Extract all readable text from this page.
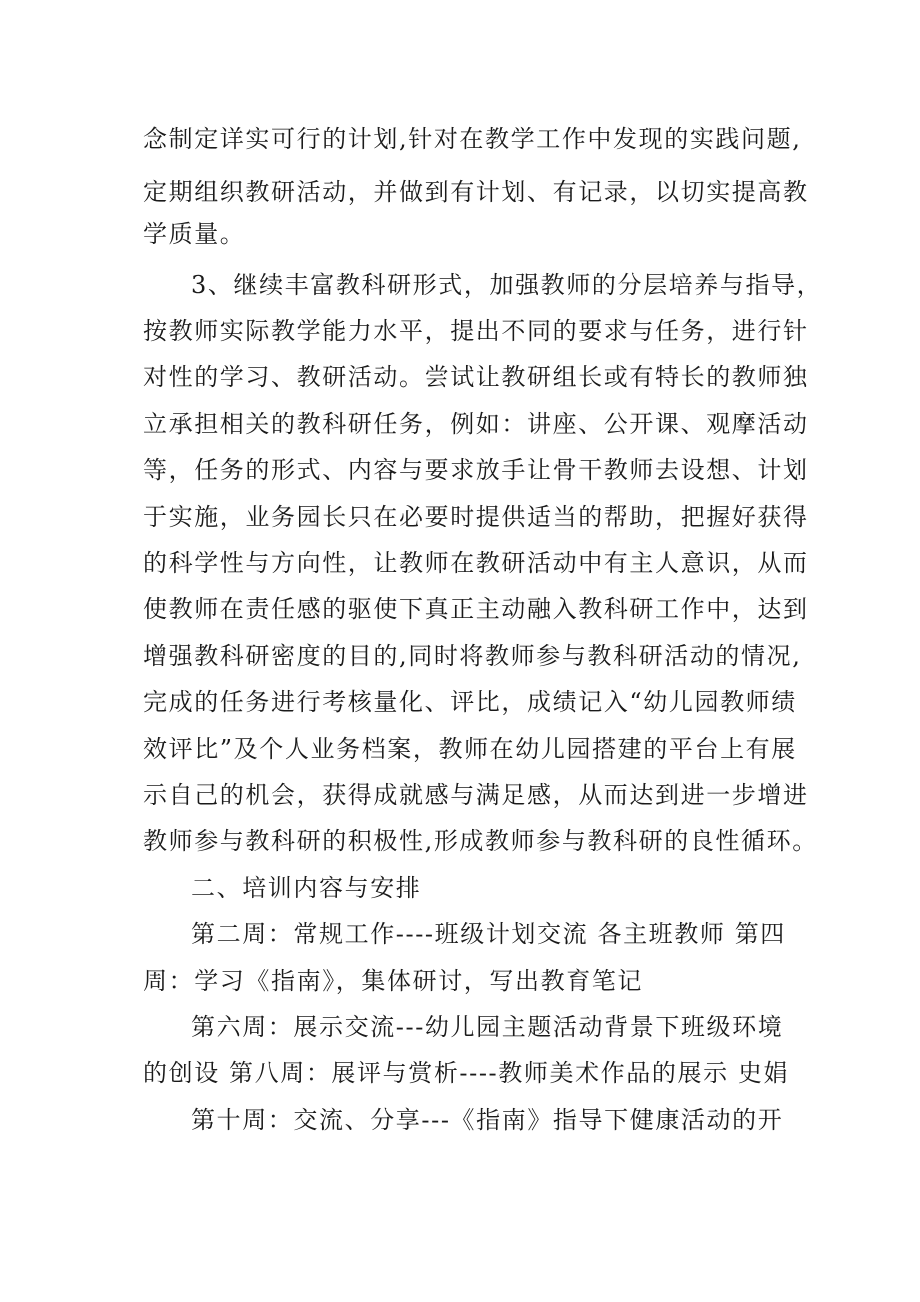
念制定详实可行的计划,针对在教学工作中发现的实践问题,
定期组织教研活动，并做到有计划、有记录，以切实提高教
学质量。
3、继续丰富教科研形式，加强教师的分层培养与指导，
按教师实际教学能力水平，提出不同的要求与任务，进行针
对性的学习、教研活动。尝试让教研组长或有特长的教师独
立承担相关的教科研任务，例如：讲座、公开课、观摩活动
等，任务的形式、内容与要求放手让骨干教师去设想、计划
于实施，业务园长只在必要时提供适当的帮助，把握好获得
的科学性与方向性，让教师在教研活动中有主人意识，从而
使教师在责任感的驱使下真正主动融入教科研工作中，达到
增强教科研密度的目的,同时将教师参与教科研活动的情况,
完成的任务进行考核量化、评比，成绩记入“幼儿园教师绩
效评比”及个人业务档案，教师在幼儿园搭建的平台上有展
示自己的机会，获得成就感与满足感，从而达到进一步增进
教师参与教科研的积极性,形成教师参与教科研的良性循环。
二、培训内容与安排
第二周：常规工作----班级计划交流 各主班教师 第四
周：学习《指南》，集体研讨，写出教育笔记
第六周：展示交流---幼儿园主题活动背景下班级环境
的创设 第八周：展评与赏析----教师美术作品的展示 史娟
第十周：交流、分享---《指南》指导下健康活动的开
